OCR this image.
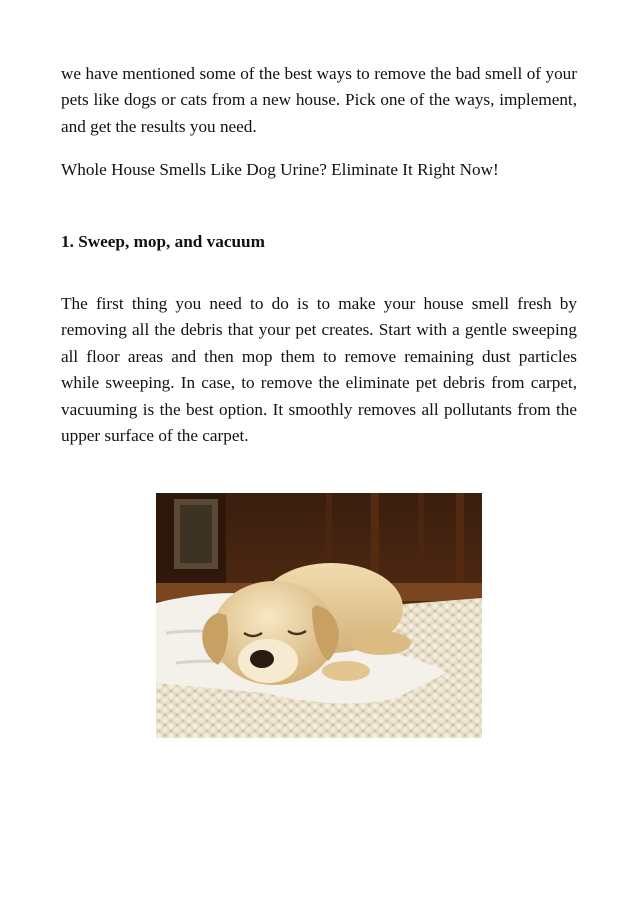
we have mentioned some of the best ways to remove the bad smell of your pets like dogs or cats from a new house. Pick one of the ways, implement, and get the results you need.

Whole House Smells Like Dog Urine? Eliminate It Right Now!

1. Sweep, mop, and vacuum

The first thing you need to do is to make your house smell fresh by removing all the debris that your pet creates. Start with a gentle sweeping all floor areas and then mop them to remove remaining dust particles while sweeping. In case, to remove the eliminate pet debris from carpet, vacuuming is the best option. It smoothly removes all pollutants from the upper surface of the carpet.
